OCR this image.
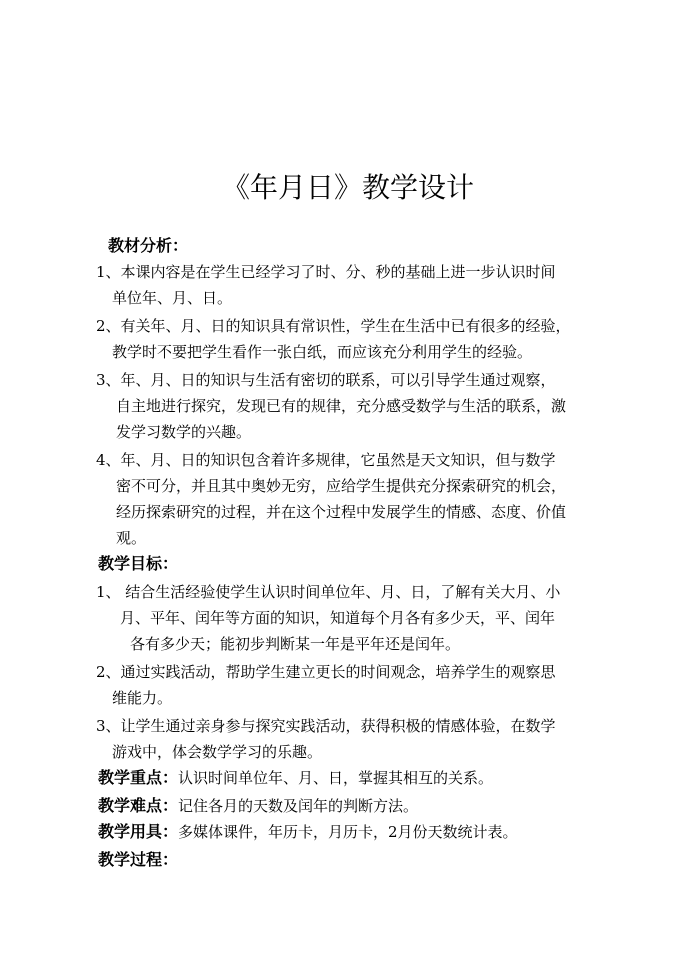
《年月日》教学设计
教材分析：
1、本课内容是在学生已经学习了时、分、秒的基础上进一步认识时间
单位年、月、日。
2、有关年、月、日的知识具有常识性，学生在生活中已有很多的经验，
教学时不要把学生看作一张白纸，而应该充分利用学生的经验。
3、年、月、日的知识与生活有密切的联系，可以引导学生通过观察，
自主地进行探究，发现已有的规律，充分感受数学与生活的联系，激
发学习数学的兴趣。
4、年、月、日的知识包含着许多规律，它虽然是天文知识，但与数学
密不可分，并且其中奥妙无穷，应给学生提供充分探索研究的机会，
经历探索研究的过程，并在这个过程中发展学生的情感、态度、价值
观。
教学目标：
1、 结合生活经验使学生认识时间单位年、月、日，了解有关大月、小
月、平年、闰年等方面的知识，知道每个月各有多少天，平、闰年
各有多少天；能初步判断某一年是平年还是闰年。
2、通过实践活动，帮助学生建立更长的时间观念，培养学生的观察思
维能力。
3、让学生通过亲身参与探究实践活动，获得积极的情感体验，在数学
游戏中，体会数学学习的乐趣。
教学重点：认识时间单位年、月、日，掌握其相互的关系。
教学难点：记住各月的天数及闰年的判断方法。
教学用具：多媒体课件，年历卡，月历卡，2月份天数统计表。
教学过程：
